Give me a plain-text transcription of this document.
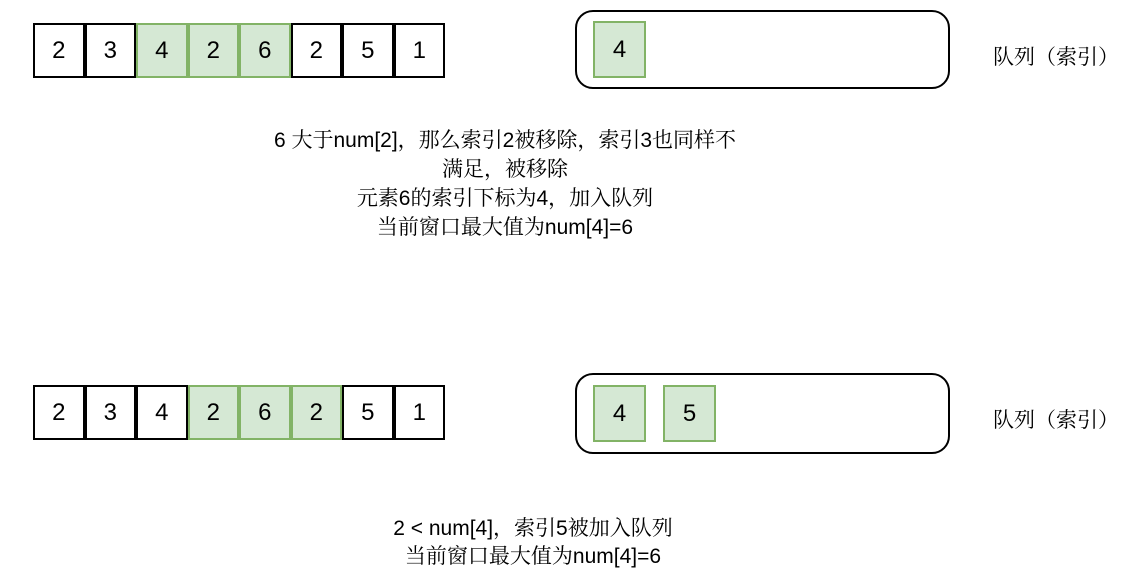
2	3	4	2	6	2	5	1	4	队列（索引）
6 大于num[2]，那么索引2被移除，索引3也同样不
满足，被移除
元素6的索引下标为4，加入队列
当前窗口最大值为num[4]=6
2	3	4	2	6	2	5	1	4	5	队列（索引）
2 < num[4]，索引5被加入队列
当前窗口最大值为num[4]=6
